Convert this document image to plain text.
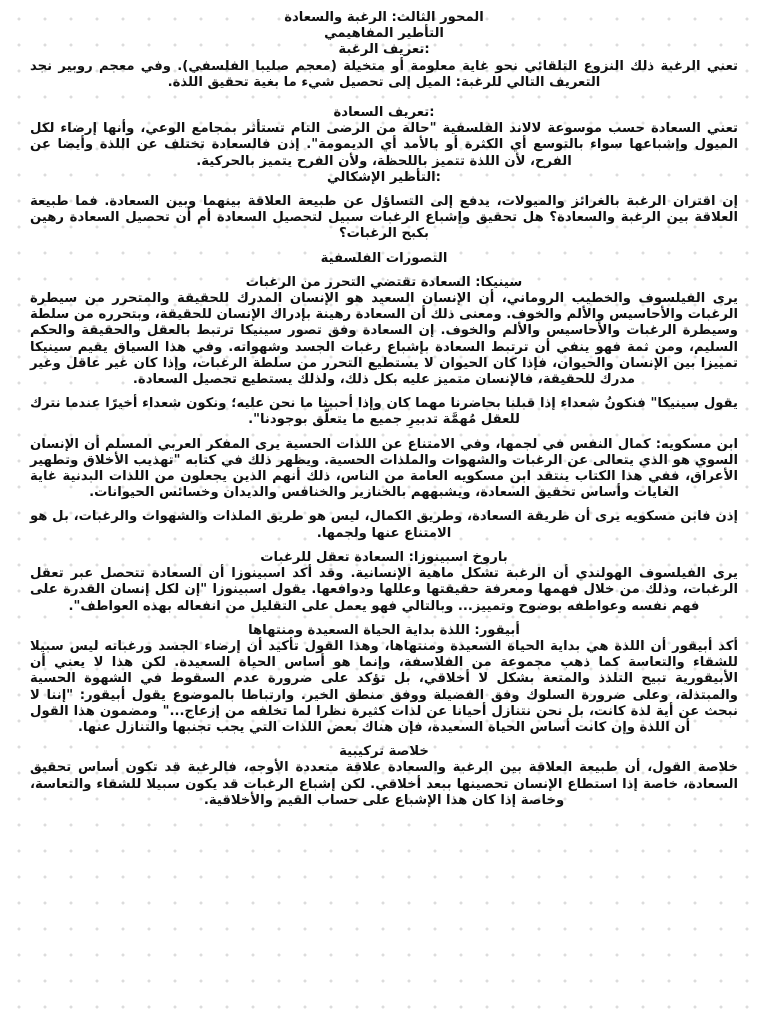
المحور الثالث: الرغبة والسعادة

التأطير المفاهيمي

:تعريف الرغبة

تعني الرغبة ذلك النزوع التلقائي نحو غاية معلومة أو متخيلة (معجم صليبا الفلسفي). وفي معجم روبير نجد التعريف التالي للرغبة: الميل إلى تحصيل شيء ما بغية تحقيق اللذة.

:تعريف السعادة

تعني السعادة حسب موسوعة لالاند الفلسفية "حالة من الرضى التام تستأثر بمجامع الوعي، وأنها إرضاء لكل الميول وإشباعها سواء بالتوسع أي الكثرة أو بالأمد أي الديمومة". إذن فالسعادة تختلف عن اللذة وأيضا عن الفرح، لأن اللذة تتميز باللحظة، ولأن الفرح يتميز بالحركية.

:التأطير الإشكالي

إن اقتران الرغبة بالغرائز والميولات، يدفع إلى التساؤل عن طبيعة العلاقة بينهما وبين السعادة. فما طبيعة العلاقة بين الرغبة والسعادة؟ هل تحقيق وإشباع الرغبات سبيل لتحصيل السعادة أم أن تحصيل السعادة رهين بكبح الرغبات؟

التصورات الفلسفية

سينيكا: السعادة تقتضي التحرر من الرغبات

يرى الفيلسوف والخطيب الروماني، أن الإنسان السعيد هو الإنسان المدرك للحقيقة والمتحرر من سيطرة الرغبات والأحاسيس والألم والخوف. ومعنى ذلك أن السعادة رهينة بإدراك الإنسان للحقيقة، وبتحرره من سلطة وسيطرة الرغبات والأحاسيس والألم والخوف. إن السعادة وفق تصور سينيكا ترتبط بالعقل والحقيقة والحكم السليم، ومن ثمة فهو ينفي أن ترتبط السعادة بإشباع رغبات الجسد وشهواته. وفي هذا السياق يقيم سينيكا تمييزا بين الإنسان والحيوان، فإذا كان الحيوان لا يستطيع التحرر من سلطة الرغبات، وإذا كان غير عاقل وغير مدرك للحقيقة، فالإنسان متميز عليه بكل ذلك، ولذلك يستطيع تحصيل السعادة.

يقول سينيكا" فنكونُ شعداء إذا قبلنا بحاضرنا مهما كان وإذا أحببنا ما نحن عليه؛ ونكون شعداء أخيرًا عندما نترك للعقل مُهمَّة تدبيرِ جميع ما يتعلّق بوجودنا".

ابن مسكويه: كمال النفس في لجمها، وفي الامتناع عن اللذات الحسية يرى المفكر العربي المسلم أن الإنسان السوي هو الذي يتعالى عن الرغبات والشهوات والملذات الحسية. ويظهر ذلك في كتابه "تهذيب الأخلاق وتطهير الأعراق، ففي هذا الكتاب ينتقد ابن مسكويه العامة من الناس، ذلك أنهم الذين يجعلون من اللذات البدنية غاية الغايات وأساس تحقيق السعادة، ويشبههم بالخنازير والخنافس والديدان وخسائس الحيوانات.

إذن فابن مسكويه يرى أن طريقة السعادة، وطريق الكمال، ليس هو طريق الملذات والشهوات والرغبات، بل هو الامتناع عنها ولجمها.

باروخ اسبينوزا: السعادة تعقل للرغبات

يرى الفيلسوف الهولندي أن الرغبة تشكل ماهية الإنسانية. وقد أكد اسبينوزا أن السعادة تتحصل عبر تعقل الرغبات، وذلك من خلال فهمها ومعرفة حقيقتها وعللها ودوافعها. يقول اسبينوزا "إن لكل إنسان القدرة على فهم نفسه وعواطفه بوضوح وتمييز... وبالتالي فهو يعمل على التقليل من انفعاله بهذه العواطف".

أبيقور: اللذة بداية الحياة السعيدة ومنتهاها

أكد أبيقور أن اللذة هي بداية الحياة السعيدة ومنتهاها، وهذا القول تأكيد أن إرضاء الجسد ورغباته ليس سبيلا للشقاء والتعاسة كما ذهب مجموعة من الفلاسفة، وإنما هو أساس الحياة السعيدة. لكن هذا لا يعني أن الأبيقورية تبيح التلذذ والمتعة بشكل لا أخلاقي، بل تؤكد على ضرورة عدم السقوط في الشهوة الحسية والمبتذلة، وعلى ضرورة السلوك وفق الفضيلة ووفق منطق الخير. وارتباطا بالموضوع يقول أبيقور: "إننا لا نبحث عن أية لذة كانت، بل نحن نتنازل أحيانا عن لذات كثيرة نظرا لما تخلفه من إزعاج..." ومضمون هذا القول أن اللذة وإن كانت أساس الحياة السعيدة، فإن هناك بعض اللذات التي يجب تجنبها والتنازل عنها.

خلاصة تركيبية

خلاصة القول، أن طبيعة العلاقة بين الرغبة والسعادة علاقة متعددة الأوجه، فالرغبة قد تكون أساس تحقيق السعادة، خاصة إذا استطاع الإنسان تحصينها ببعد أخلاقي. لكن إشباع الرغبات قد يكون سبيلا للشقاء والتعاسة، وخاصة إذا كان هذا الإشباع على حساب القيم والأخلاقية.
